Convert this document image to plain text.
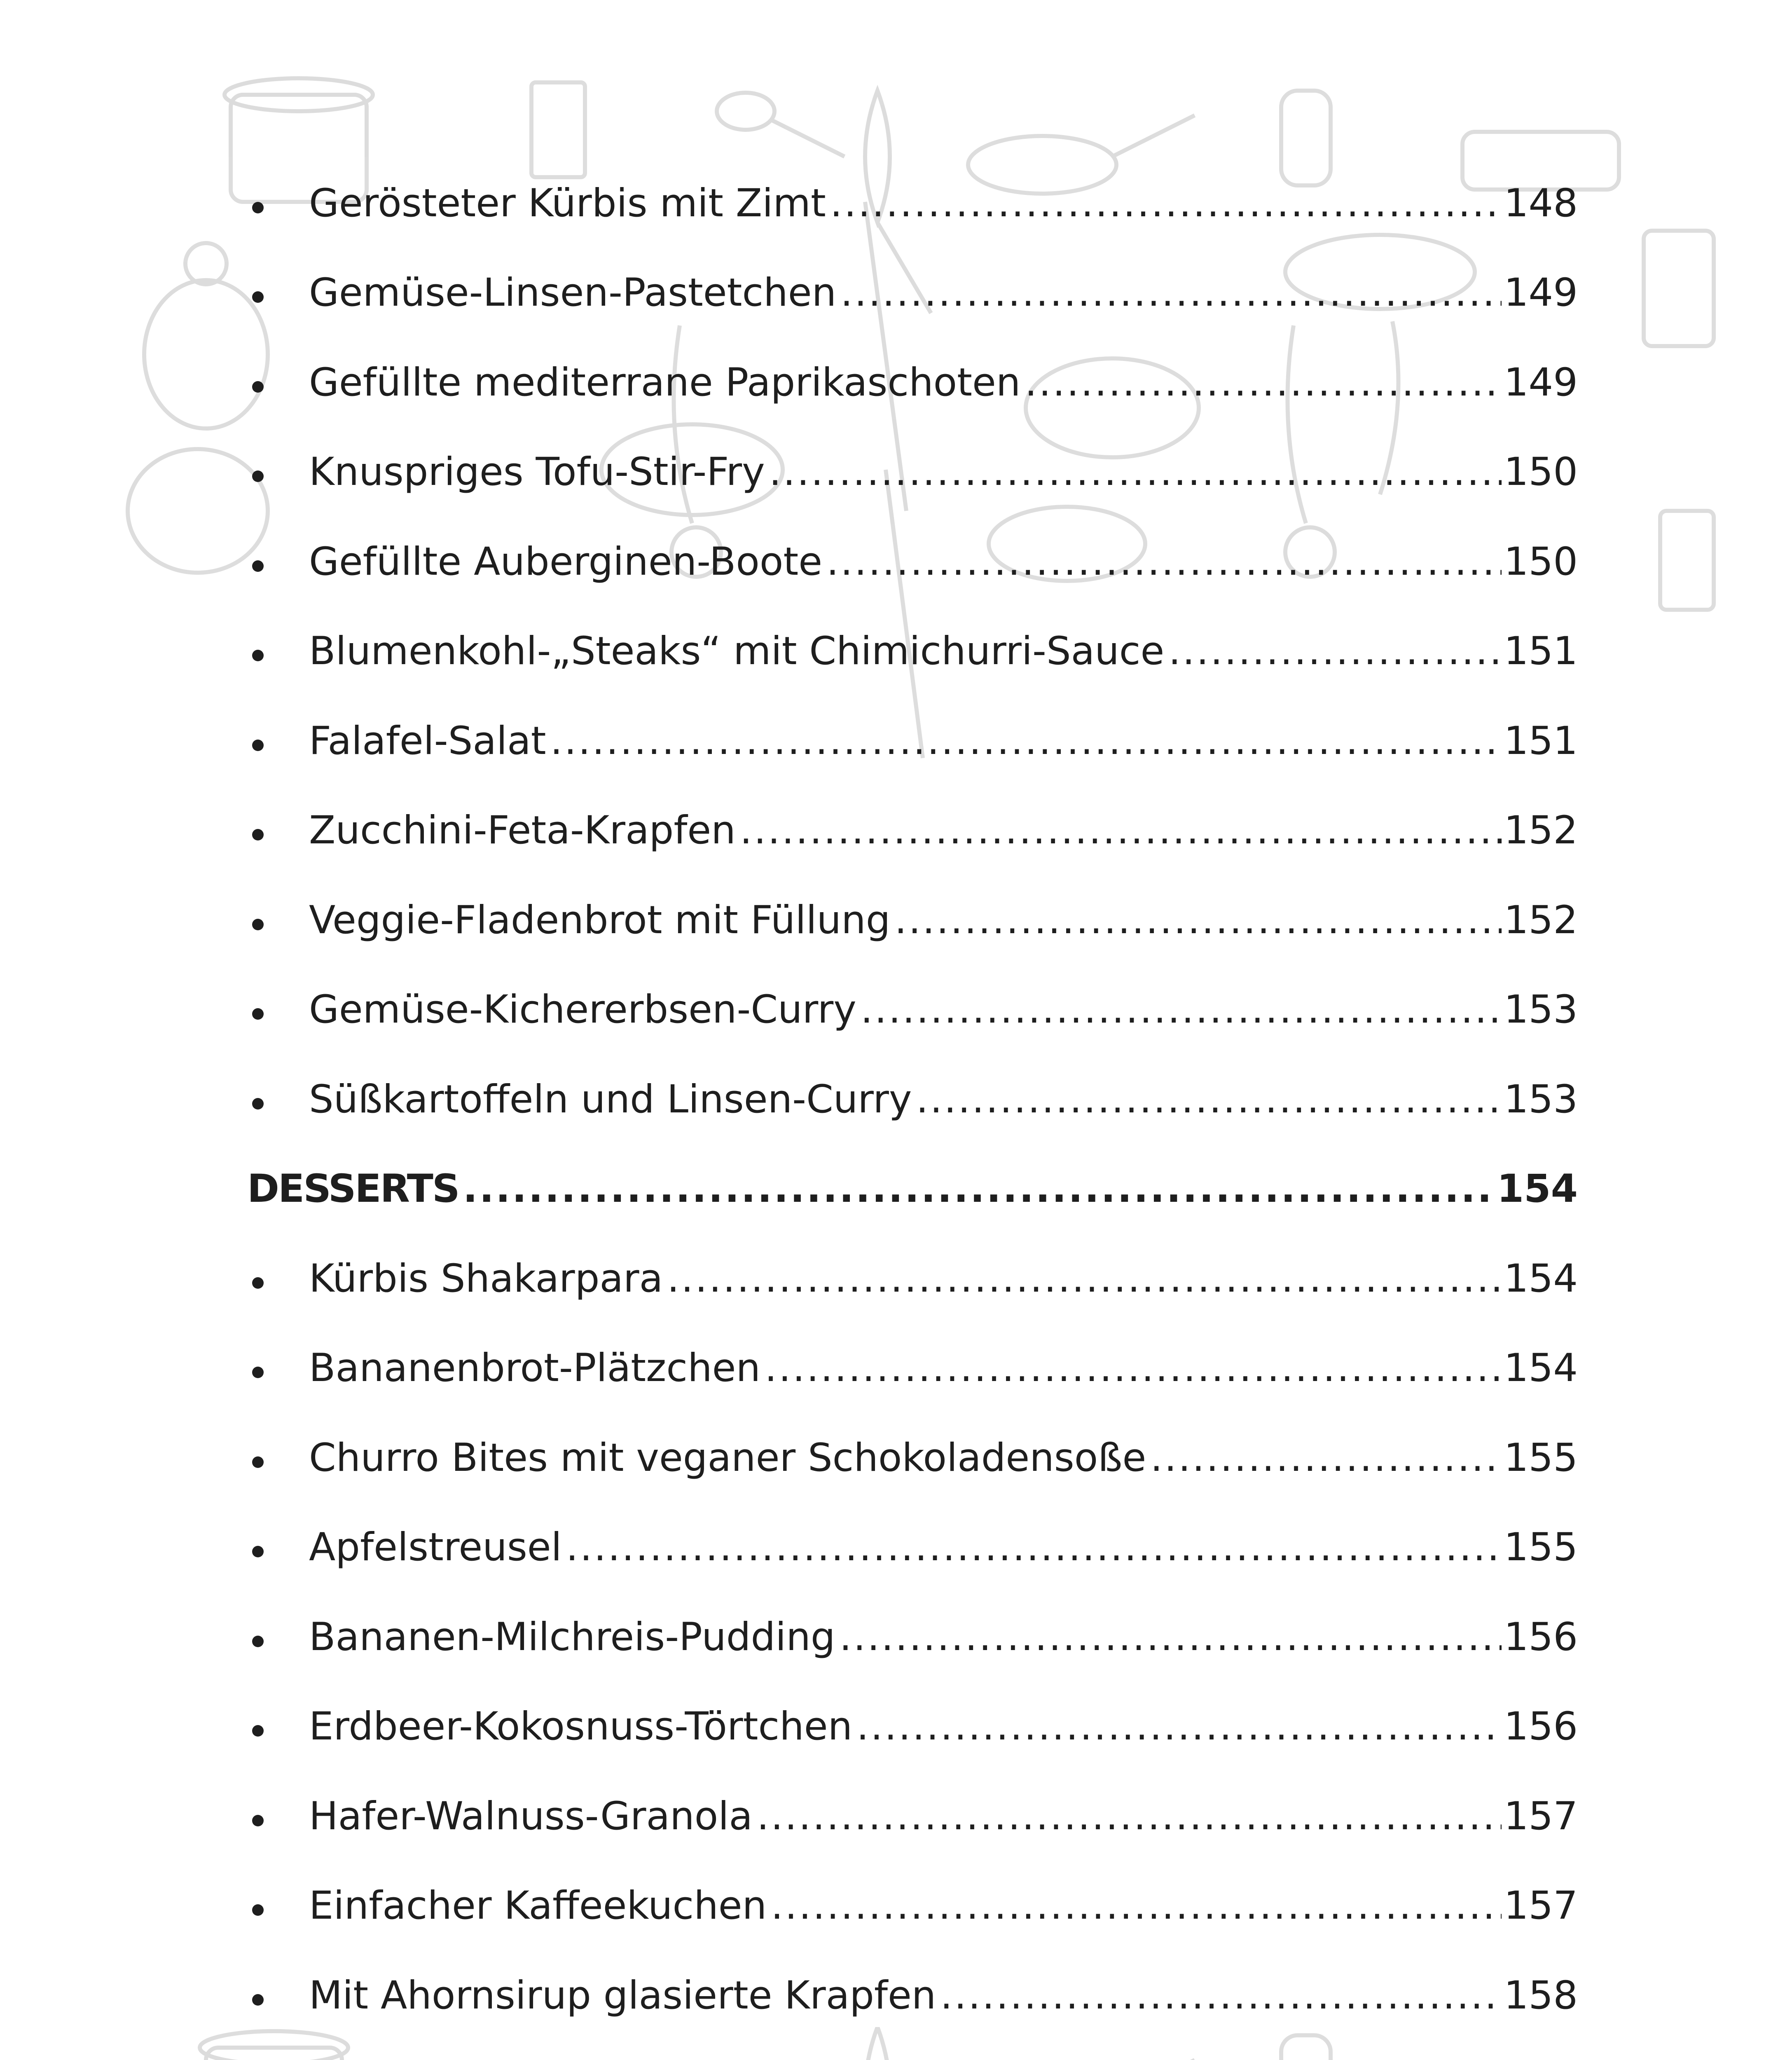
Gerösteter Kürbis mit Zimt .....	148
Gemüse-Linsen-Pastetchen .....	149
Gefüllte mediterrane Paprikaschoten .....	149
Knuspriges Tofu-Stir-Fry .....	150
Gefüllte Auberginen-Boote .....	150
Blumenkohl-„Steaks“ mit Chimichurri-Sauce .....	151
Falafel-Salat .....	151
Zucchini-Feta-Krapfen .....	152
Veggie-Fladenbrot mit Füllung .....	152
Gemüse-Kichererbsen-Curry .....	153
Süßkartoffeln und Linsen-Curry .....	153
DESSERTS .....	154
Kürbis Shakarpara .....	154
Bananenbrot-Plätzchen .....	154
Churro Bites mit veganer Schokoladensoße .....	155
Apfelstreusel .....	155
Bananen-Milchreis-Pudding .....	156
Erdbeer-Kokosnuss-Törtchen .....	156
Hafer-Walnuss-Granola .....	157
Einfacher Kaffeekuchen .....	157
Mit Ahornsirup glasierte Krapfen .....	158
